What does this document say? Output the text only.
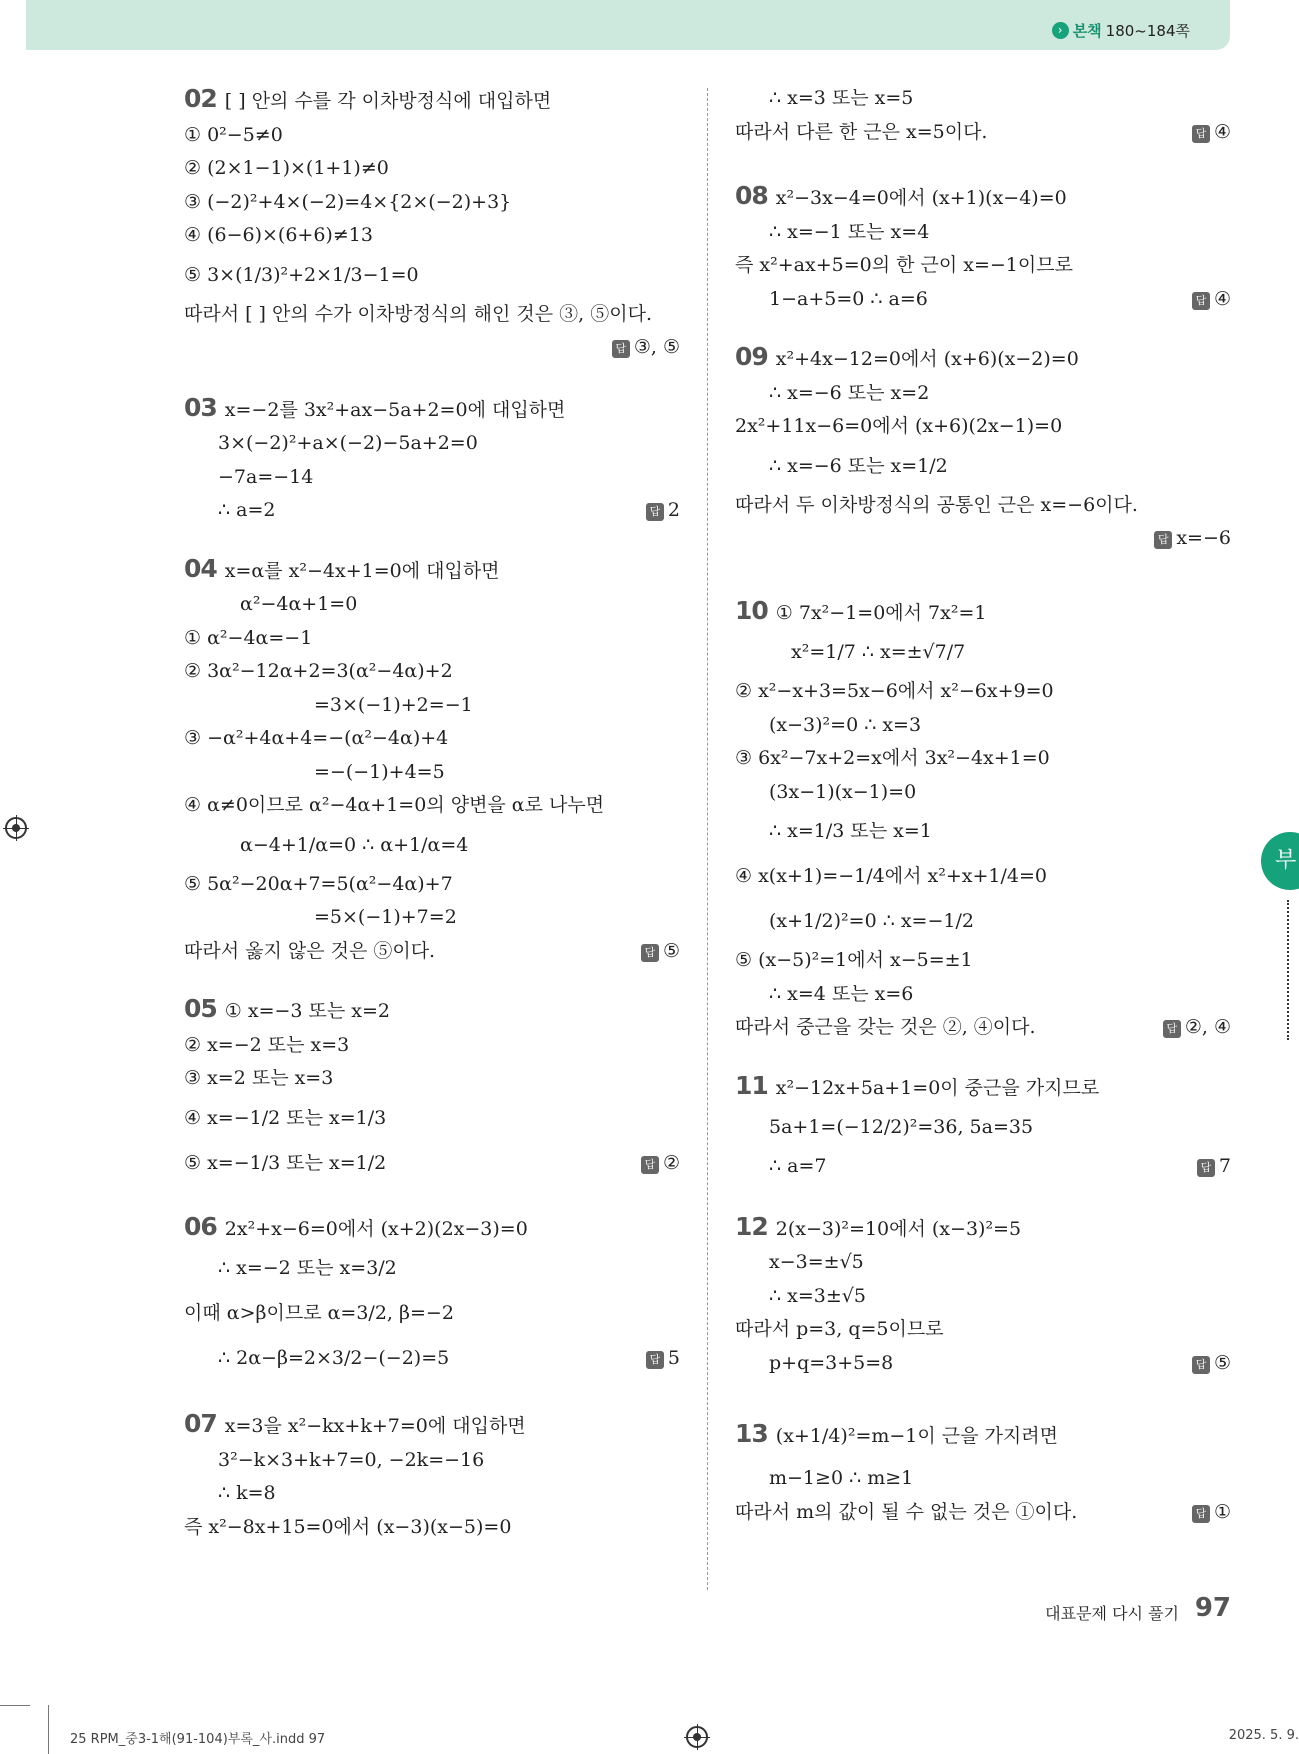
› 본책 180~184쪽
02 [ ] 안의 수를 각 이차방정식에 대입하면
① 0²−5≠0
② (2×1−1)×(1+1)≠0
③ (−2)²+4×(−2)=4×{2×(−2)+3}
④ (6−6)×(6+6)≠13
⑤ 3×(1/3)²+2×1/3−1=0
따라서 [ ] 안의 수가 이차방정식의 해인 것은 ③, ⑤이다.
답 ③, ⑤
03 x=−2를 3x²+ax−5a+2=0에 대입하면
3×(−2)²+a×(−2)−5a+2=0
−7a=−14
∴ a=2	답 2
04 x=α를 x²−4x+1=0에 대입하면
α²−4α+1=0
① α²−4α=−1
② 3α²−12α+2=3(α²−4α)+2
=3×(−1)+2=−1
③ −α²+4α+4=−(α²−4α)+4
=−(−1)+4=5
④ α≠0이므로 α²−4α+1=0의 양변을 α로 나누면
α−4+1/α=0 ∴ α+1/α=4
⑤ 5α²−20α+7=5(α²−4α)+7
=5×(−1)+7=2
따라서 옳지 않은 것은 ⑤이다.	답 ⑤
05 ① x=−3 또는 x=2
② x=−2 또는 x=3
③ x=2 또는 x=3
④ x=−1/2 또는 x=1/3
⑤ x=−1/3 또는 x=1/2	답 ②
06 2x²+x−6=0에서 (x+2)(2x−3)=0
∴ x=−2 또는 x=3/2
이때 α>β이므로 α=3/2, β=−2
∴ 2α−β=2×3/2−(−2)=5	답 5
07 x=3을 x²−kx+k+7=0에 대입하면
3²−k×3+k+7=0, −2k=−16
∴ k=8
즉 x²−8x+15=0에서 (x−3)(x−5)=0
∴ x=3 또는 x=5
따라서 다른 한 근은 x=5이다.	답 ④
08 x²−3x−4=0에서 (x+1)(x−4)=0
∴ x=−1 또는 x=4
즉 x²+ax+5=0의 한 근이 x=−1이므로
1−a+5=0 ∴ a=6	답 ④
09 x²+4x−12=0에서 (x+6)(x−2)=0
∴ x=−6 또는 x=2
2x²+11x−6=0에서 (x+6)(2x−1)=0
∴ x=−6 또는 x=1/2
따라서 두 이차방정식의 공통인 근은 x=−6이다.
답 x=−6
10 ① 7x²−1=0에서 7x²=1
x²=1/7 ∴ x=±√7/7
② x²−x+3=5x−6에서 x²−6x+9=0
(x−3)²=0 ∴ x=3
③ 6x²−7x+2=x에서 3x²−4x+1=0
(3x−1)(x−1)=0
∴ x=1/3 또는 x=1
④ x(x+1)=−1/4에서 x²+x+1/4=0
(x+1/2)²=0 ∴ x=−1/2
⑤ (x−5)²=1에서 x−5=±1
∴ x=4 또는 x=6
따라서 중근을 갖는 것은 ②, ④이다.	답 ②, ④
11 x²−12x+5a+1=0이 중근을 가지므로
5a+1=(−12/2)²=36, 5a=35
∴ a=7	답 7
12 2(x−3)²=10에서 (x−3)²=5
x−3=±√5
∴ x=3±√5
따라서 p=3, q=5이므로
p+q=3+5=8	답 ⑤
13 (x+1/4)²=m−1이 근을 가지려면
m−1≥0 ∴ m≥1
따라서 m의 값이 될 수 없는 것은 ①이다.	답 ①
부
대표문제 다시 풀기 97
25 RPM_중3-1해(91-104)부록_사.indd 97	2025. 5. 9.
